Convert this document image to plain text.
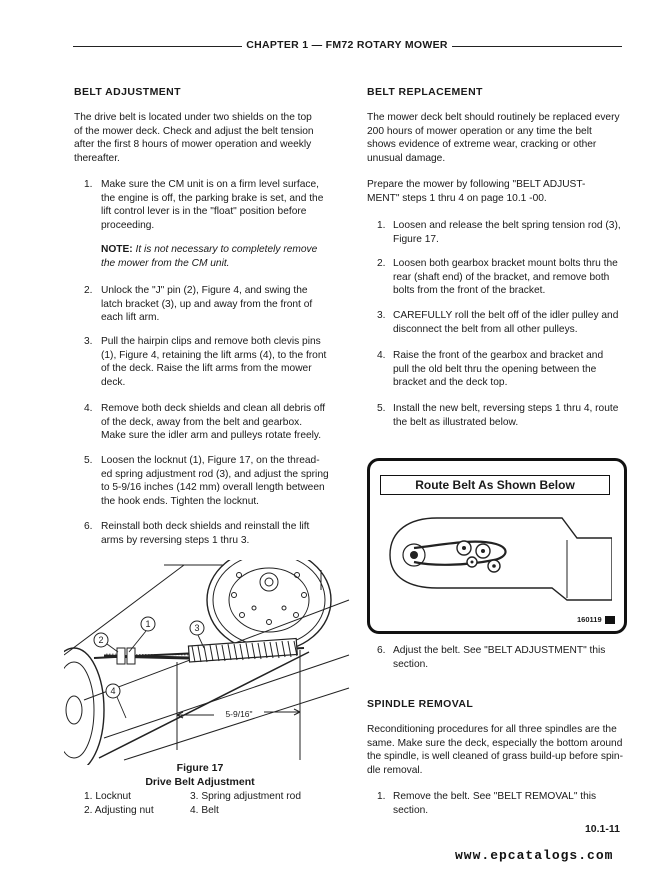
CHAPTER 1 — FM72 ROTARY MOWER
BELT ADJUSTMENT
The drive belt is located under two shields on the top
of the mower deck. Check and adjust the belt tension
after the first 8 hours of mower operation and weekly
thereafter.
1. Make sure the CM unit is on a firm level surface,
the engine is off, the parking brake is set, and the
lift control lever is in the "float" position before
proceeding.
NOTE: It is not necessary to completely remove
the mower from the CM unit.
2. Unlock the "J" pin (2), Figure 4, and swing the
latch bracket (3), up and away from the front of
each lift arm.
3. Pull the hairpin clips and remove both clevis pins
(1), Figure 4, retaining the lift arms (4), to the front
of the deck. Raise the lift arms from the mower
deck.
4. Remove both deck shields and clean all debris off
of the deck, away from the belt and gearbox.
Make sure the idler arm and pulleys rotate freely.
5. Loosen the locknut (1), Figure 17, on the thread-
ed spring adjustment rod (3), and adjust the spring
to 5-9/16 inches (142 mm) overall length between
the hook ends. Tighten the locknut.
6. Reinstall both deck shields and reinstall the lift
arms by reversing steps 1 thru 3.
1
2
3
4
5-9/16"
Figure 17
Drive Belt Adjustment
1. Locknut	3. Spring adjustment rod
2. Adjusting nut	4. Belt
BELT REPLACEMENT
The mower deck belt should routinely be replaced every
200 hours of mower operation or any time the belt
shows evidence of extreme wear, cracking or other
unusual damage.
Prepare the mower by following "BELT ADJUST-
MENT" steps 1 thru 4 on page 10.1 -00.
1. Loosen and release the belt spring tension rod (3),
Figure 17.
2. Loosen both gearbox bracket mount bolts thru the
rear (shaft end) of the bracket, and remove both
bolts from the front of the bracket.
3. CAREFULLY roll the belt off of the idler pulley and
disconnect the belt from all other pulleys.
4. Raise the front of the gearbox and bracket and
pull the old belt thru the opening between the
bracket and the deck top.
5. Install the new belt, reversing steps 1 thru 4, route
the belt as illustrated below.
Route Belt As Shown Below
160119
6. Adjust the belt. See "BELT ADJUSTMENT" this
section.
SPINDLE REMOVAL
Reconditioning procedures for all three spindles are the
same. Make sure the deck, especially the bottom around
the spindle, is well cleaned of grass build-up before spin-
dle removal.
1. Remove the belt. See "BELT REMOVAL" this
section.
10.1-11
www.epcatalogs.com
